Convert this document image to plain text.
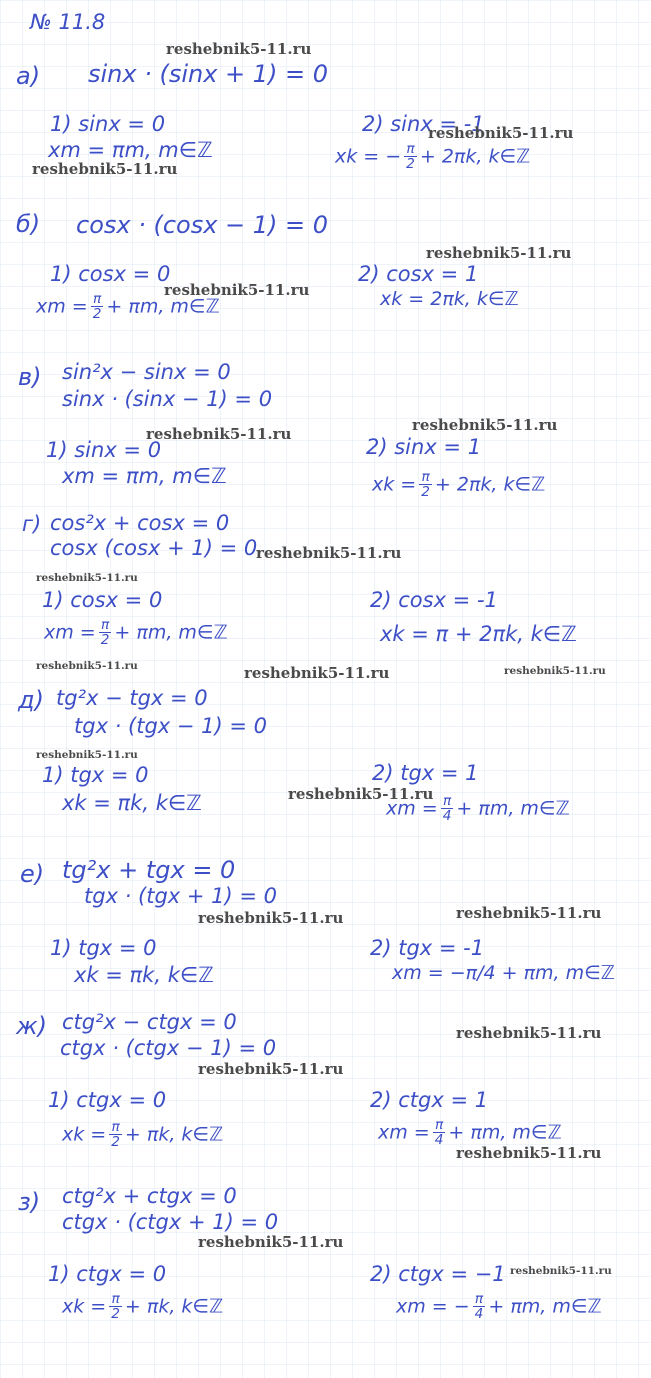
№ 11.8
а) sinx · (sinx + 1) = 0
1) sinx = 0
xm = πm, m∈ℤ
2) sinx = -1
xk = − $\frac{\pi}{2} + 2\pi k$, k∈ℤ
б) cosx · (cosx − 1) = 0
1) cosx = 0
xm = $\frac{\pi}{2} + \pi m$, m∈ℤ
2) cosx = 1
xk = 2πk, k∈ℤ
в) sin²x − sinx = 0
sinx · (sinx − 1) = 0
1) sinx = 0
xm = πm, m∈ℤ
2) sinx = 1
xk = $\frac{\pi}{2} + 2\pi k$, k∈ℤ
г) cos²x + cosx = 0
cosx (cosx + 1) = 0
1) cosx = 0
xm = $\frac{\pi}{2} + \pi m$, m∈ℤ
2) cosx = -1
xk = π + 2πk, k∈ℤ
д) tg²x − tgx = 0
tgx · (tgx − 1) = 0
1) tgx = 0
xk = πk, k∈ℤ
2) tgx = 1
xm = $\frac{\pi}{4} + \pi m$, m∈ℤ
е) tg²x + tgx = 0
tgx · (tgx + 1) = 0
1) tgx = 0
xk = πk, k∈ℤ
2) tgx = -1
xm = −π/4 + πm, m∈ℤ
ж) ctg²x − ctgx = 0
ctgx · (ctgx − 1) = 0
1) ctgx = 0
xk = $\frac{\pi}{2} + \pi k$, k∈ℤ
2) ctgx = 1
xm = $\frac{\pi}{4} + \pi m$, m∈ℤ
з) ctg²x + ctgx = 0
ctgx · (ctgx + 1) = 0
1) ctgx = 0
xk = $\frac{\pi}{2} + \pi k$, k∈ℤ
2) ctgx = −1
xm = − $\frac{\pi}{4} + \pi m$, m∈ℤ
reshebnik5-11.ru
reshebnik5-11.ru
reshebnik5-11.ru
reshebnik5-11.ru
reshebnik5-11.ru
reshebnik5-11.ru
reshebnik5-11.ru
reshebnik5-11.ru
reshebnik5-11.ru
reshebnik5-11.ru	reshebnik5-11.ru	reshebnik5-11.ru
reshebnik5-11.ru
reshebnik5-11.ru
reshebnik5-11.ru
reshebnik5-11.ru
reshebnik5-11.ru
reshebnik5-11.ru
reshebnik5-11.ru
reshebnik5-11.ru
reshebnik5-11.ru
